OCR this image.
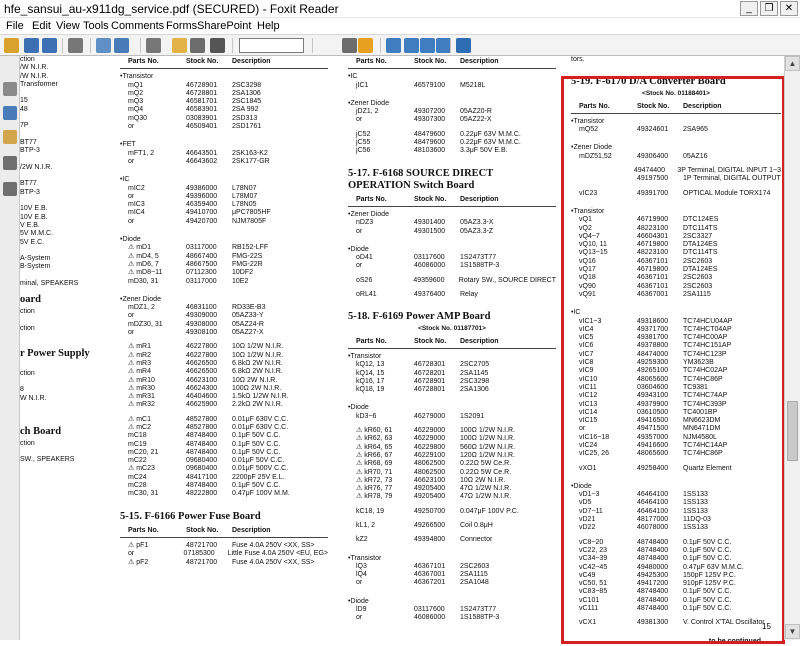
hfe_sansui_au-x911dg_service.pdf (SECURED) - Foxit Reader	_	❐	✕
File Edit View Tools Comments Forms SharePoint Help
ction
/W N.I.R.
/W N.I.R.
Transformer
15
48
7P
BT77
BTP-3
/2W N.I.R.
BT77
BTP-3
10V E.B.
10V E.B.
V E.B.
5V M.M.C.
5V E.C.
A-System
B-System
minal, SPEAKERS
oard
ction
ction
r Power Supply
ction
8
W N.I.R.
ch Board
ction
SW., SPEAKERS
Parts No.	Stock No.	Description
•Transistor
mQ1	46728901	2SC3298
mQ2	46728801	2SA1306
mQ3	46581701	2SC1845
mQ4	46583901	2SA 992
mQ30	03083901	2SD313
or	46509401	2SD1761
•FET
mFT1, 2	46643501	2SK163-K2
or	46643602	2SK177-GR
•IC
mIC2	49386000	L78N07
or	49396000	L78M07
mIC3	46359400	L78N05
mIC4	49410700	μPC7805HF
or	49420700	NJM7805F
•Diode
⚠ mD1	03117000	RB152-LFF
⚠ mD4, 5	48667400	FMG-22S
⚠ mD6, 7	48667500	FMG-22R
⚠ mD8~11	07112300	10DF2
mD30, 31	03117000	10E2
•Zener Diode
mDZ1, 2	46831100	RD33E-B3
or	49309000	05AZ33-Y
mDZ30, 31	49308000	05AZ24-R
or	49308100	05AZ27-X
⚠ mR1	46227800	10Ω 1/2W N.I.R.
⚠ mR2	46227800	10Ω 1/2W N.I.R.
⚠ mR3	46626500	6.8kΩ 2W N.I.R.
⚠ mR4	46626500	6.8kΩ 2W N.I.R.
⚠ mR10	46623100	10Ω 2W N.I.R.
⚠ mR30	46624300	100Ω 2W N.I.R.
⚠ mR31	46404600	1.5kΩ 1/2W N.I.R.
⚠ mR32	46625900	2.2kΩ 2W N.I.R.
⚠ mC1	48527800	0.01μF 630V C.C.
⚠ mC2	48527800	0.01μF 630V C.C.
mC18	48748400	0.1μF 50V C.C.
mC19	48748400	0.1μF 50V C.C.
mC20, 21	48748400	0.1μF 50V C.C.
mC22	09680400	0.01μF 50V C.C.
⚠ mC23	09680400	0.01μF 500V C.C.
mC24	48417100	2200pF 25V E.L.
mC28	48748400	0.1μF 50V C.C.
mC30, 31	48222800	0.47μF 100V M.M.
5-15. F-6166 Power Fuse Board
Parts No.	Stock No.	Description
⚠ pF1	48721700	Fuse 4.0A 250V <XX, SS>
or	07185300	Little Fuse 4.0A 250V <EU, EG>
⚠ pF2	48721700	Fuse 4.0A 250V <XX, SS>
Parts No.	Stock No.	Description
•IC
jIC1	46579100	M5218L
•Zener Diode
jDZ1, 2	49307200	05AZ20-R
or	49307300	05AZ22-X
jC52	48479600	0.22μF 63V M.M.C.
jC55	48479600	0.22μF 63V M.M.C.
jC56	48103600	3.3μF 50V E.B.
5-17. F-6168 SOURCE DIRECT OPERATION Switch Board
Parts No.	Stock No.	Description
•Zener Diode
nDZ3	49301400	05AZ3.3-X
or	49301500	05AZ3.3-Z
•Diode
oD41	03117600	1S2473T77
or	46086000	1S1588TP-3
oS26	49359600	Rotary SW., SOURCE DIRECT
oRL41	49376400	Relay
5-18. F-6169 Power AMP Board
<Stock No. 01187701>
Parts No.	Stock No.	Description
•Transistor
kQ12, 13	46728301	2SC2705
kQ14, 15	46728201	2SA1145
kQ16, 17	46728901	2SC3298
kQ18, 19	46728801	2SA1306
•Diode
kD3~6	46279000	1S2091
⚠ kR60, 61	46229000	100Ω 1/2W N.I.R.
⚠ kR62, 63	46229000	100Ω 1/2W N.I.R.
⚠ kR64, 65	46229800	560Ω 1/2W N.I.R.
⚠ kR66, 67	46229100	120Ω 1/2W N.I.R.
⚠ kR68, 69	48062500	0.22Ω 5W Ce.R.
⚠ kR70, 71	48062500	0.22Ω 5W Ce.R.
⚠ kR72, 73	46623100	10Ω 2W N.I.R.
⚠ kR76, 77	49205400	47Ω 1/2W N.I.R.
⚠ kR78, 79	49205400	47Ω 1/2W N.I.R.
kC18, 19	49250700	0.047μF 100V P.C.
kL1, 2	49266500	Coil 0.8μH
kZ2	49394800	Connector
•Transistor
lQ3	46367101	2SC2603
lQ4	46367001	2SA1115
or	46367201	2SA1048
•Diode
lD9	03117600	1S2473T77
or	46086000	1S1588TP-3
tors.
5-19. F-6170 D/A Converter Board
<Stock No. 01188401>
Parts No.	Stock No.	Description
•Transistor
mQ52	49324601	2SA965
•Zener Diode
mDZ51,52	49306400	05AZ16
49474400	3P Terminal, DIGITAL INPUT 1~3
49197500	1P Terminal, DIGITAL OUTPUT
vIC23	49391700	OPTICAL Module TORX174
•Transistor
vQ1	46719900	DTC124ES
vQ2	48223100	DTC114TS
vQ4~7	46604301	2SC3327
vQ10, 11	46719800	DTA124ES
vQ13~15	48223100	DTC114TS
vQ16	46367101	2SC2603
vQ17	46719800	DTA124ES
vQ18	46367101	2SC2603
vQ90	46367101	2SC2603
vQ91	46367001	2SA1115
•IC
vIC1~3	49318600	TC74HCU04AP
vIC4	49371700	TC74HCT04AP
vIC5	49381700	TC74HC00AP
vIC6	49378800	TC74HC151AP
vIC7	48474000	TC74HC123P
vIC8	49259300	YM3623B
vIC9	49265100	TC74HC02AP
vIC10	48065600	TC74HC86P
vIC11	03604600	TC9381
vIC12	49343100	TC74HC74AP
vIC13	49379900	TC74HC393P
vIC14	03610500	TC4001BP
vIC15	49416500	MN6623DM
or	49471500	MN6471DM
vIC16~18	49357000	NJM4580L
vIC24	49416600	TC74HC14AP
vIC25, 26	48065600	TC74HC86P
vXO1	49258400	Quartz Element
•Diode
vD1~3	46464100	1SS133
vD5	46464100	1SS133
vD7~11	46464100	1SS133
vD21	48177000	11DQ-03
vD22	46078000	1SS133
vC8~20	48748400	0.1μF 50V C.C.
vC22, 23	48748400	0.1μF 50V C.C.
vC34~39	48748400	0.1μF 50V C.C.
vC42~45	49480000	0.47μF 63V M.M.C.
vC49	49425300	150pF 125V P.C.
vC50, 51	49417200	910pF 125V P.C.
vC83~85	48748400	0.1μF 50V C.C.
vC101	48748400	0.1μF 50V C.C.
vC111	48748400	0.1μF 50V C.C.
vCX1	49381300	V. Control X'TAL Oscillator
to be continued
15
▲
▼
